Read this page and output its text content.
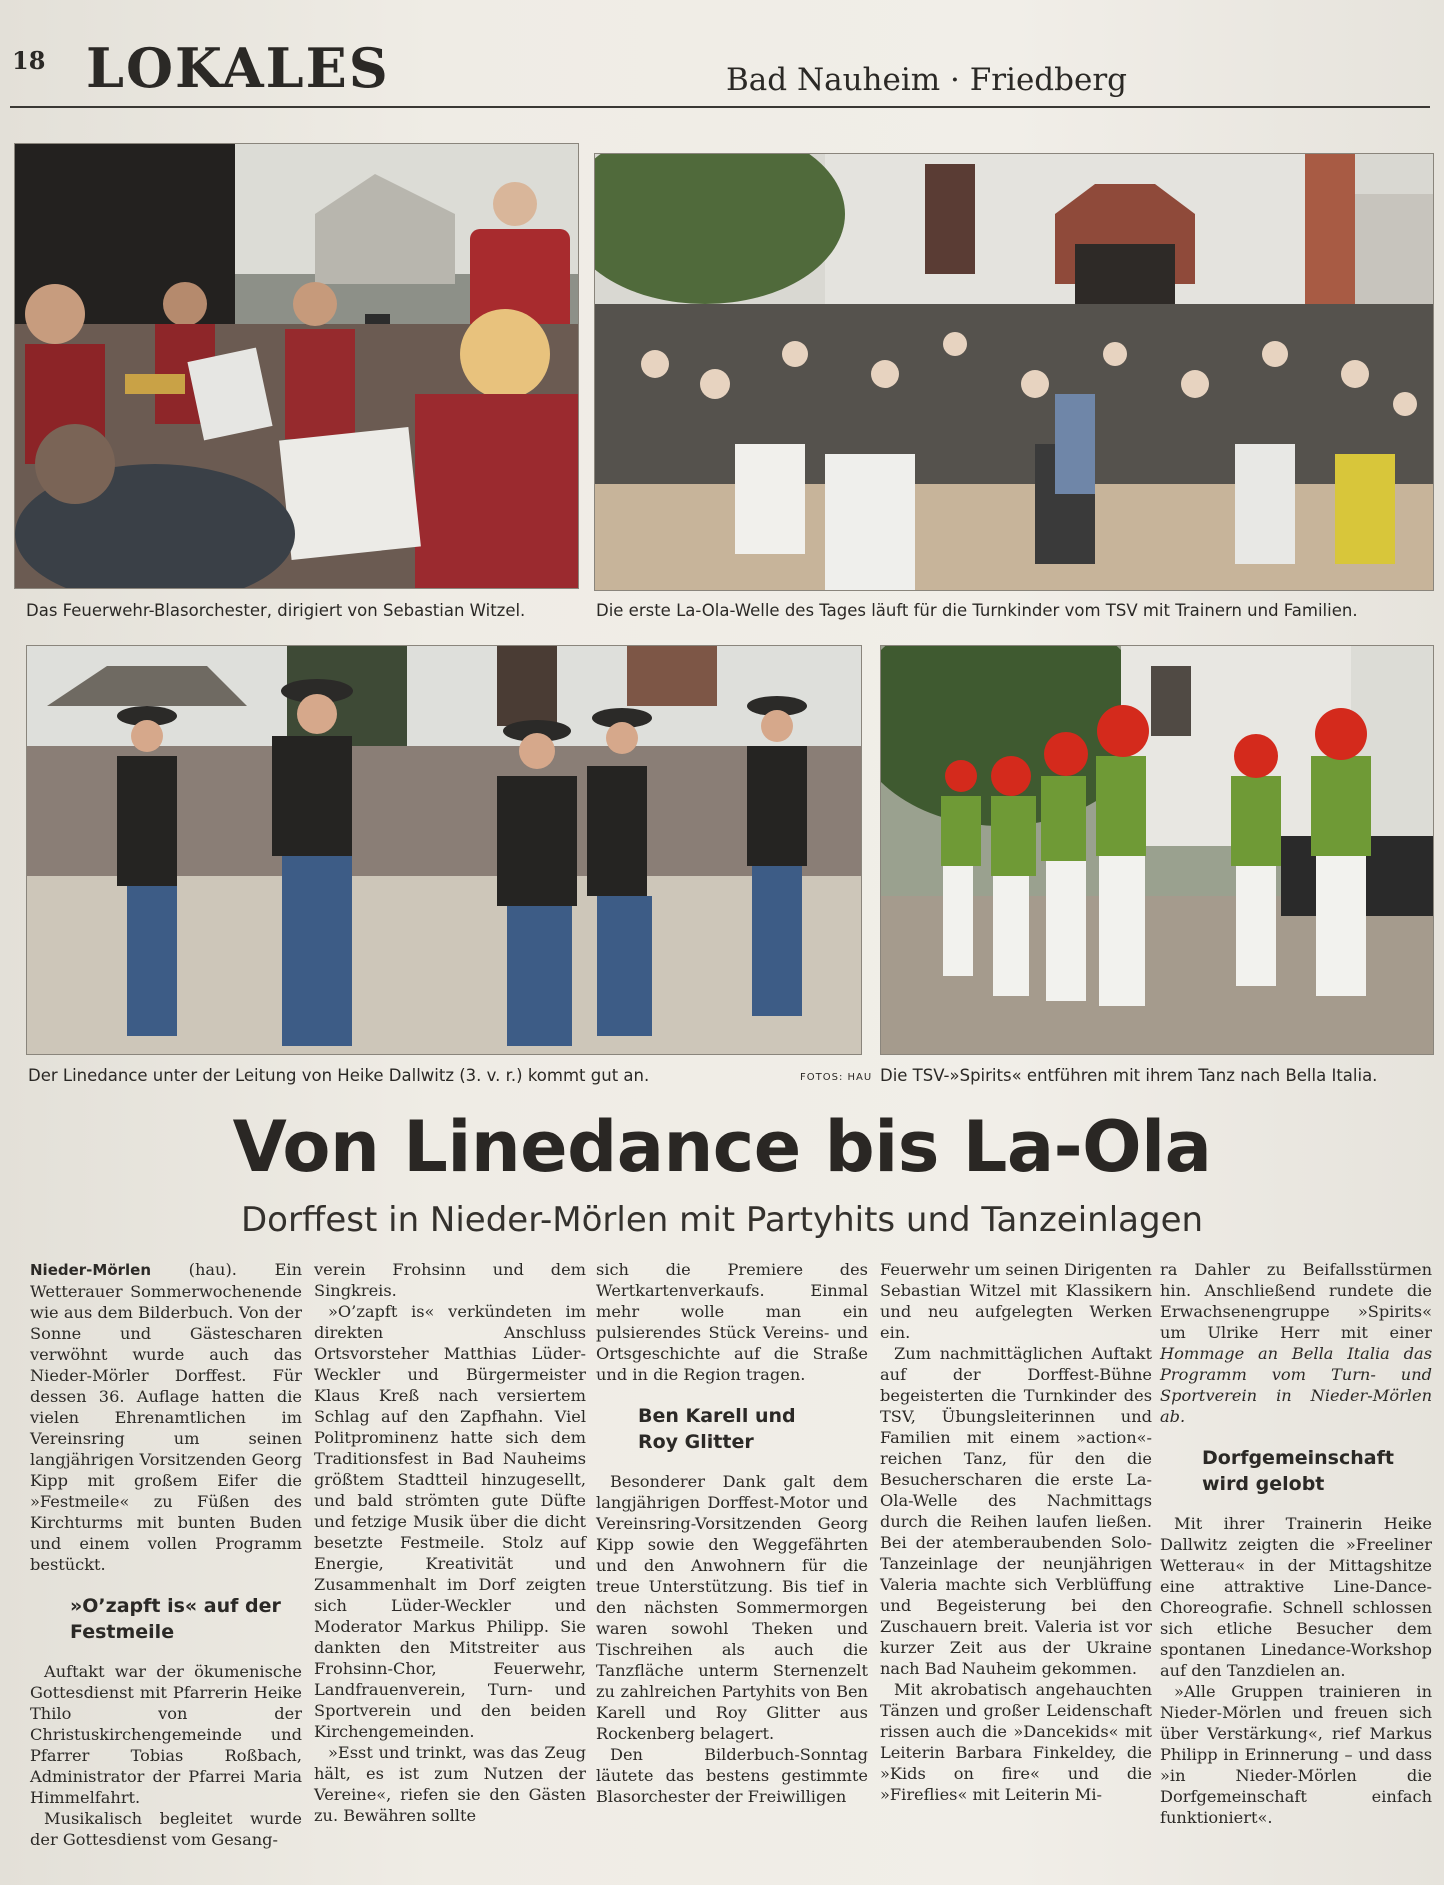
18 LOKALES	Bad Nauheim · Friedberg
Das Feuerwehr-Blasorchester, dirigiert von Sebastian Witzel.	Die erste La-Ola-Welle des Tages läuft für die Turnkinder vom TSV mit Trainern und Familien.
Der Linedance unter der Leitung von Heike Dallwitz (3. v. r.) kommt gut an.	FOTOS: HAU Die TSV-»Spirits« entführen mit ihrem Tanz nach Bella Italia.
Von Linedance bis La-Ola
Dorffest in Nieder-Mörlen mit Partyhits und Tanzeinlagen

Nieder-Mörlen (hau). Ein Wetterauer Sommerwochenende wie aus dem Bilderbuch. Von der Sonne und Gästescharen verwöhnt wurde auch das Nieder-Mörler Dorffest. Für dessen 36. Auflage hatten die vielen Ehrenamtlichen im Vereinsring um seinen langjährigen Vorsitzenden Georg Kipp mit großem Eifer die »Festmeile« zu Füßen des Kirchturms mit bunten Buden und einem vollen Programm bestückt.

»O’zapft is« auf der Festmeile

Auftakt war der ökumenische Gottesdienst mit Pfarrerin Heike Thilo von der Christuskirchengemeinde und Pfarrer Tobias Roßbach, Administrator der Pfarrei Maria Himmelfahrt.

Musikalisch begleitet wurde der Gottesdienst vom Gesang-

verein Frohsinn und dem Singkreis.

»O’zapft is« verkündeten im direkten Anschluss Ortsvorsteher Matthias Lüder-Weckler und Bürgermeister Klaus Kreß nach versiertem Schlag auf den Zapfhahn. Viel Politprominenz hatte sich dem Traditionsfest in Bad Nauheims größtem Stadtteil hinzugesellt, und bald strömten gute Düfte und fetzige Musik über die dicht besetzte Festmeile. Stolz auf Energie, Kreativität und Zusammenhalt im Dorf zeigten sich Lüder-Weckler und Moderator Markus Philipp. Sie dankten den Mitstreiter aus Frohsinn-Chor, Feuerwehr, Landfrauenverein, Turn- und Sportverein und den beiden Kirchengemeinden.

»Esst und trinkt, was das Zeug hält, es ist zum Nutzen der Vereine«, riefen sie den Gästen zu. Bewähren sollte

sich die Premiere des Wertkartenverkaufs. Einmal mehr wolle man ein pulsierendes Stück Vereins- und Ortsgeschichte auf die Straße und in die Region tragen.

Ben Karell und Roy Glitter

Besonderer Dank galt dem langjährigen Dorffest-Motor und Vereinsring-Vorsitzenden Georg Kipp sowie den Weggefährten und den Anwohnern für die treue Unterstützung. Bis tief in den nächsten Sommermorgen waren sowohl Theken und Tischreihen als auch die Tanzfläche unterm Sternenzelt zu zahlreichen Partyhits von Ben Karell und Roy Glitter aus Rockenberg belagert.

Den Bilderbuch-Sonntag läutete das bestens gestimmte Blasorchester der Freiwilligen

Feuerwehr um seinen Dirigenten Sebastian Witzel mit Klassikern und neu aufgelegten Werken ein.

Zum nachmittäglichen Auftakt auf der Dorffest-Bühne begeisterten die Turnkinder des TSV, Übungsleiterinnen und Familien mit einem »action«-reichen Tanz, für den die Besucherscharen die erste La-Ola-Welle des Nachmittags durch die Reihen laufen ließen. Bei der atemberaubenden Solo-Tanzeinlage der neunjährigen Valeria machte sich Verblüffung und Begeisterung bei den Zuschauern breit. Valeria ist vor kurzer Zeit aus der Ukraine nach Bad Nauheim gekommen.

Mit akrobatisch angehauchten Tänzen und großer Leidenschaft rissen auch die »Dancekids« mit Leiterin Barbara Finkeldey, die »Kids on fire« und die »Fireflies« mit Leiterin Mi-

ra Dahler zu Beifallsstürmen hin. Anschließend rundete die Erwachsenengruppe »Spirits« um Ulrike Herr mit einer Hommage an Bella Italia das Programm vom Turn- und Sportverein in Nieder-Mörlen ab.

Dorfgemeinschaft wird gelobt

Mit ihrer Trainerin Heike Dallwitz zeigten die »Freeliner Wetterau« in der Mittagshitze eine attraktive Line-Dance-Choreografie. Schnell schlossen sich etliche Besucher dem spontanen Linedance-Workshop auf den Tanzdielen an.

»Alle Gruppen trainieren in Nieder-Mörlen und freuen sich über Verstärkung«, rief Markus Philipp in Erinnerung – und dass »in Nieder-Mörlen die Dorfgemeinschaft einfach funktioniert«.
